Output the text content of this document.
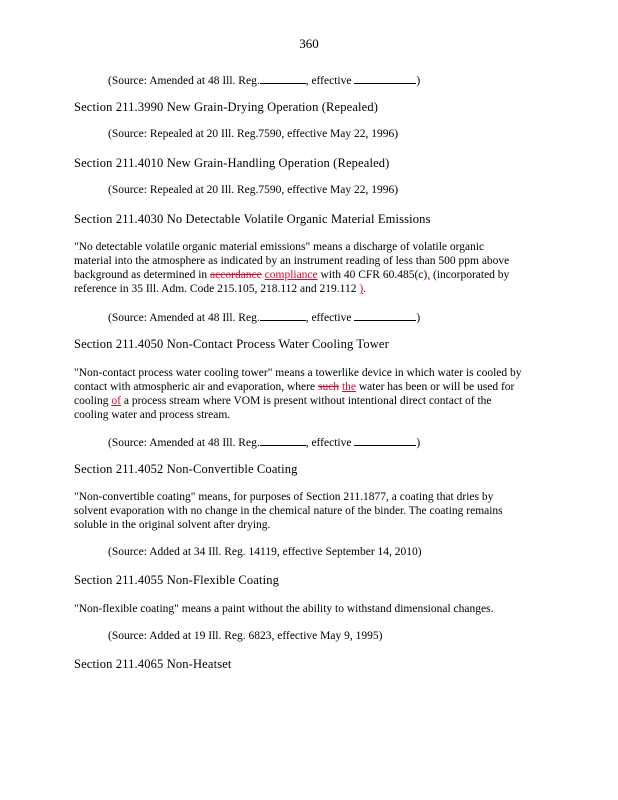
360
(Source: Amended at 48 Ill. Reg.	, effective	)
Section 211.3990 New Grain-Drying Operation (Repealed)
(Source: Repealed at 20 Ill. Reg.7590, effective May 22, 1996)
Section 211.4010 New Grain-Handling Operation (Repealed)
(Source: Repealed at 20 Ill. Reg.7590, effective May 22, 1996)
Section 211.4030 No Detectable Volatile Organic Material Emissions
"No detectable volatile organic material emissions" means a discharge of volatile organic
material into the atmosphere as indicated by an instrument reading of less than 500 ppm above
background as determined in accordance compliance with 40 CFR 60.485(c), (incorporated by
reference in 35 Ill. Adm. Code 215.105, 218.112 and 219.112 ).
(Source: Amended at 48 Ill. Reg.	, effective	)
Section 211.4050 Non-Contact Process Water Cooling Tower
"Non-contact process water cooling tower" means a towerlike device in which water is cooled by
contact with atmospheric air and evaporation, where such the water has been or will be used for
cooling of a process stream where VOM is present without intentional direct contact of the
cooling water and process stream.
(Source: Amended at 48 Ill. Reg.	, effective	)
Section 211.4052 Non-Convertible Coating
"Non-convertible coating" means, for purposes of Section 211.1877, a coating that dries by
solvent evaporation with no change in the chemical nature of the binder. The coating remains
soluble in the original solvent after drying.
(Source: Added at 34 Ill. Reg. 14119, effective September 14, 2010)
Section 211.4055 Non-Flexible Coating
"Non-flexible coating" means a paint without the ability to withstand dimensional changes.
(Source: Added at 19 Ill. Reg. 6823, effective May 9, 1995)
Section 211.4065 Non-Heatset
